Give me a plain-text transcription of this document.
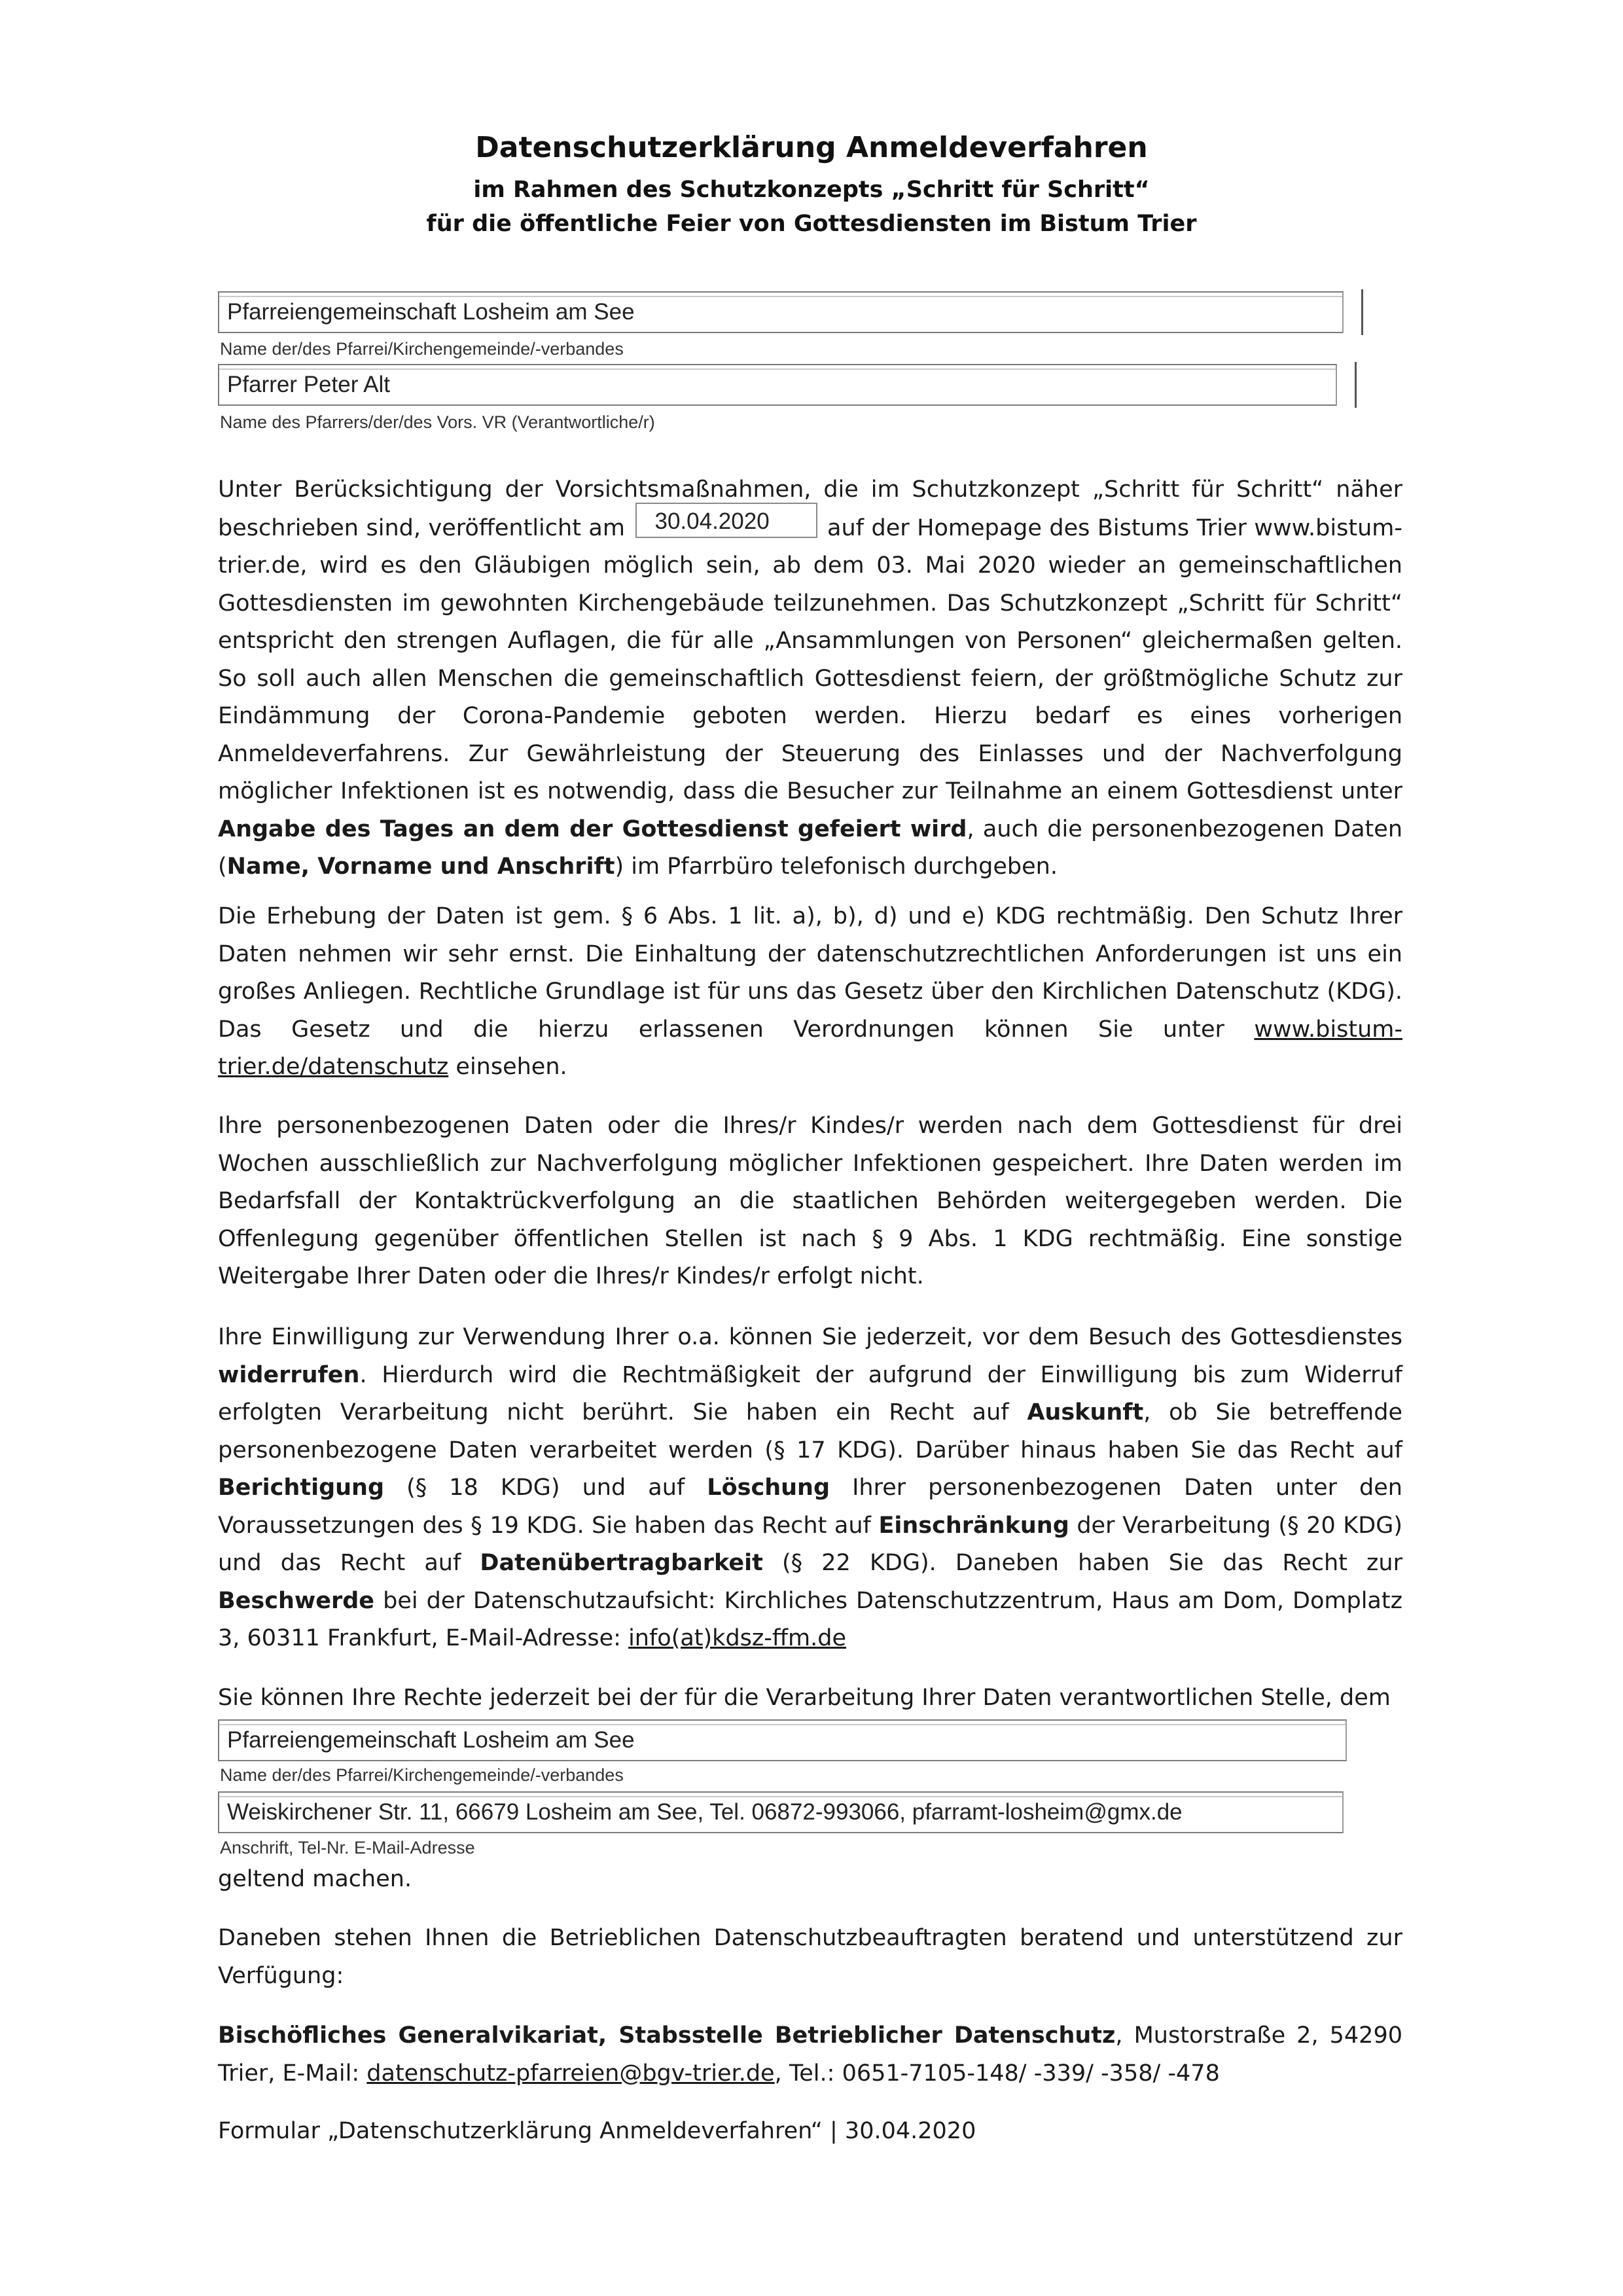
Datenschutzerklärung Anmeldeverfahren
im Rahmen des Schutzkonzepts „Schritt für Schritt“
für die öffentliche Feier von Gottesdiensten im Bistum Trier
Pfarreiengemeinschaft Losheim am See
Name der/des Pfarrei/Kirchengemeinde/-verbandes
Pfarrer Peter Alt
Name des Pfarrers/der/des Vors. VR (Verantwortliche/r)
Unter Berücksichtigung der Vorsichtsmaßnahmen, die im Schutzkonzept „Schritt für Schritt“ näher beschrieben sind, veröffentlicht am 30.04.2020	auf der Homepage des Bistums Trier www.bistum-trier.de, wird es den Gläubigen möglich sein, ab dem 03. Mai 2020 wieder an gemeinschaftlichen Gottesdiensten im gewohnten Kirchengebäude teilzunehmen. Das Schutzkonzept „Schritt für Schritt“ entspricht den strengen Auflagen, die für alle „Ansammlungen von Personen“ gleichermaßen gelten. So soll auch allen Menschen die gemeinschaftlich Gottesdienst feiern, der größtmögliche Schutz zur Eindämmung der Corona-Pandemie geboten werden. Hierzu bedarf es eines vorherigen Anmeldeverfahrens. Zur Gewährleistung der Steuerung des Einlasses und der Nachverfolgung möglicher Infektionen ist es notwendig, dass die Besucher zur Teilnahme an einem Gottesdienst unter Angabe des Tages an dem der Gottesdienst gefeiert wird, auch die personenbezogenen Daten (Name, Vorname und Anschrift) im Pfarrbüro telefonisch durchgeben.
Die Erhebung der Daten ist gem. § 6 Abs. 1 lit. a), b), d) und e) KDG rechtmäßig. Den Schutz Ihrer Daten nehmen wir sehr ernst. Die Einhaltung der datenschutzrechtlichen Anforderungen ist uns ein großes Anliegen. Rechtliche Grundlage ist für uns das Gesetz über den Kirchlichen Datenschutz (KDG). Das Gesetz und die hierzu erlassenen Verordnungen können Sie unter www.bistum-trier.de/datenschutz einsehen.
Ihre personenbezogenen Daten oder die Ihres/r Kindes/r werden nach dem Gottesdienst für drei Wochen ausschließlich zur Nachverfolgung möglicher Infektionen gespeichert. Ihre Daten werden im Bedarfsfall der Kontaktrückverfolgung an die staatlichen Behörden weitergegeben werden. Die Offenlegung gegenüber öffentlichen Stellen ist nach § 9 Abs. 1 KDG rechtmäßig. Eine sonstige Weitergabe Ihrer Daten oder die Ihres/r Kindes/r erfolgt nicht.
Ihre Einwilligung zur Verwendung Ihrer o.a. können Sie jederzeit, vor dem Besuch des Gottesdienstes widerrufen. Hierdurch wird die Rechtmäßigkeit der aufgrund der Einwilligung bis zum Widerruf erfolgten Verarbeitung nicht berührt. Sie haben ein Recht auf Auskunft, ob Sie betreffende personenbezogene Daten verarbeitet werden (§ 17 KDG). Darüber hinaus haben Sie das Recht auf Berichtigung (§ 18 KDG) und auf Löschung Ihrer personenbezogenen Daten unter den Voraussetzungen des § 19 KDG. Sie haben das Recht auf Einschränkung der Verarbeitung (§ 20 KDG) und das Recht auf Datenübertragbarkeit (§ 22 KDG). Daneben haben Sie das Recht zur Beschwerde bei der Datenschutzaufsicht: Kirchliches Datenschutzzentrum, Haus am Dom, Domplatz 3, 60311 Frankfurt, E-Mail-Adresse: info(at)kdsz-ffm.de
Sie können Ihre Rechte jederzeit bei der für die Verarbeitung Ihrer Daten verantwortlichen Stelle, dem
Pfarreiengemeinschaft Losheim am See
Name der/des Pfarrei/Kirchengemeinde/-verbandes
Weiskirchener Str. 11, 66679 Losheim am See, Tel. 06872-993066, pfarramt-losheim@gmx.de
Anschrift, Tel-Nr. E-Mail-Adresse
geltend machen.
Daneben stehen Ihnen die Betrieblichen Datenschutzbeauftragten beratend und unterstützend zur Verfügung:
Bischöfliches Generalvikariat, Stabsstelle Betrieblicher Datenschutz, Mustorstraße 2, 54290 Trier, E-Mail: datenschutz-pfarreien@bgv-trier.de, Tel.: 0651-7105-148/ -339/ -358/ -478
Formular „Datenschutzerklärung Anmeldeverfahren“ | 30.04.2020
